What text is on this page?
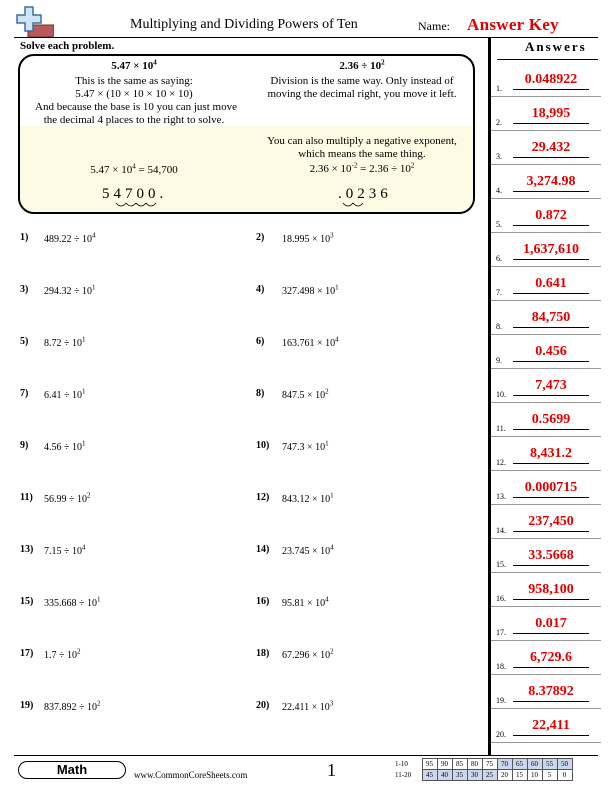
Multiplying and Dividing Powers of Ten	Name: Answer Key
Solve each problem.
$5.47 \times 10^4$
This is the same as saying:
5.47 × (10 × 10 × 10 × 10)
And because the base is 10 you can just move
the decimal 4 places to the right to solve.
$5.47 \times 10^4 = 54,700$
54700.
$2.36 \div 10^2$
Division is the same way. Only instead of
moving the decimal right, you move it left.
You can also multiply a negative exponent,
which means the same thing.
$2.36 \times 10^{-2} = 2.36 \div 10^2$
.0236
1) $489.22 \div 10^4$	2) $18.995 \times 10^3$
3) $294.32 \div 10^1$	4) $327.498 \times 10^1$
5) $8.72 \div 10^1$	6) $163.761 \times 10^4$
7) $6.41 \div 10^1$	8) $847.5 \times 10^2$
9) $4.56 \div 10^1$	10) $747.3 \times 10^1$
11) $56.99 \div 10^2$	12) $843.12 \times 10^1$
13) $7.15 \div 10^4$	14) $23.745 \times 10^4$
15) $335.668 \div 10^1$	16) $95.81 \times 10^4$
17) $1.7 \div 10^2$	18) $67.296 \times 10^2$
19) $837.892 \div 10^2$	20) $22.411 \times 10^3$
Answers
1.
0.048922
2.
18,995
3.
29.432
4.
3,274.98
5.
0.872
6.
1,637,610
7.
0.641
8.
84,750
9.
0.456
10.
7,473
11.
0.5699
12.
8,431.2
13.
0.000715
14.
237,450
15.
33.5668
16.
958,100
17.
0.017
18.
6,729.6
19.
8.37892
20.
22,411
Math	www.CommonCoreSheets.com	1	1-10	95	90	85	80	75	70	65	60	55	50
11-20	45	40	35	30	25	20	15	10	5	0
